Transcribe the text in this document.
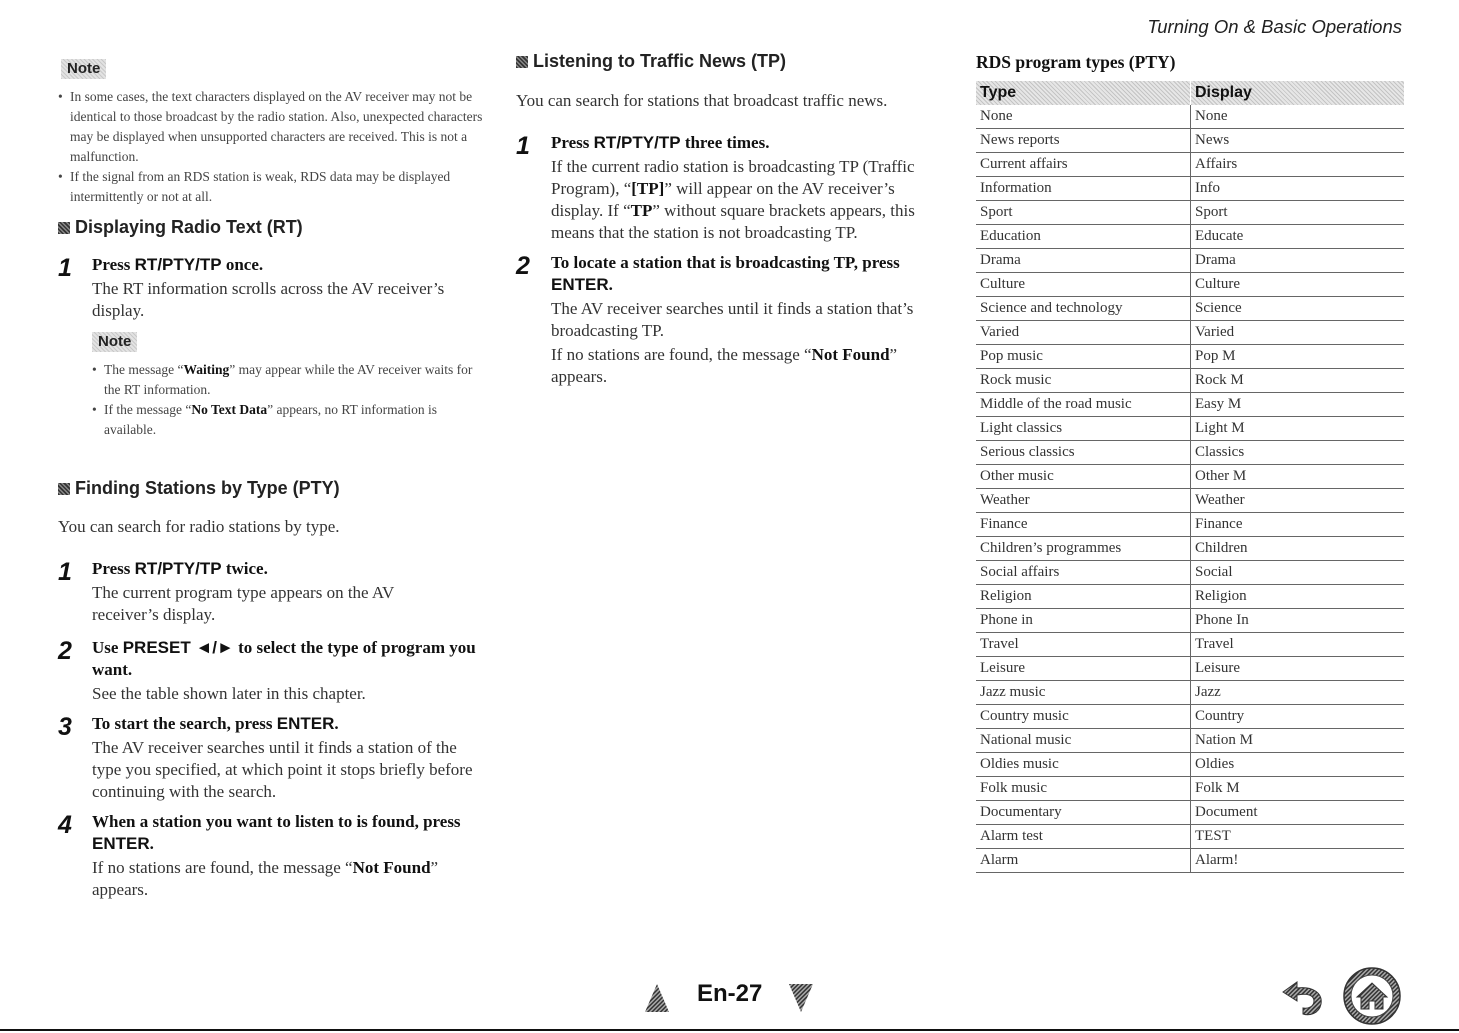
Turning On & Basic Operations
Note
• In some cases, the text characters displayed on the AV receiver may not be identical to those broadcast by the radio station. Also, unexpected characters may be displayed when unsupported characters are received. This is not a malfunction.
• If the signal from an RDS station is weak, RDS data may be displayed intermittently or not at all.
Displaying Radio Text (RT)
1 Press RT/PTY/TP once.
The RT information scrolls across the AV receiver’s display.
Note
• The message “Waiting” may appear while the AV receiver waits for the RT information.
• If the message “No Text Data” appears, no RT information is available.
Finding Stations by Type (PTY)
You can search for radio stations by type.
1 Press RT/PTY/TP twice.
The current program type appears on the AV receiver’s display.
2 Use PRESET ◄/► to select the type of program you want.
See the table shown later in this chapter.
3 To start the search, press ENTER.
The AV receiver searches until it finds a station of the type you specified, at which point it stops briefly before continuing with the search.
4 When a station you want to listen to is found, press ENTER.
If no stations are found, the message “Not Found” appears.
Listening to Traffic News (TP)
You can search for stations that broadcast traffic news.
1 Press RT/PTY/TP three times.
If the current radio station is broadcasting TP (Traffic Program), “[TP]” will appear on the AV receiver’s display. If “TP” without square brackets appears, this means that the station is not broadcasting TP.
2 To locate a station that is broadcasting TP, press ENTER.
The AV receiver searches until it finds a station that’s broadcasting TP.
If no stations are found, the message “Not Found” appears.
RDS program types (PTY)
Type	Display
None	None
News reports	News
Current affairs	Affairs
Information	Info
Sport	Sport
Education	Educate
Drama	Drama
Culture	Culture
Science and technology	Science
Varied	Varied
Pop music	Pop M
Rock music	Rock M
Middle of the road music	Easy M
Light classics	Light M
Serious classics	Classics
Other music	Other M
Weather	Weather
Finance	Finance
Children’s programmes	Children
Social affairs	Social
Religion	Religion
Phone in	Phone In
Travel	Travel
Leisure	Leisure
Jazz music	Jazz
Country music	Country
National music	Nation M
Oldies music	Oldies
Folk music	Folk M
Documentary	Document
Alarm test	TEST
Alarm	Alarm!
En-27
